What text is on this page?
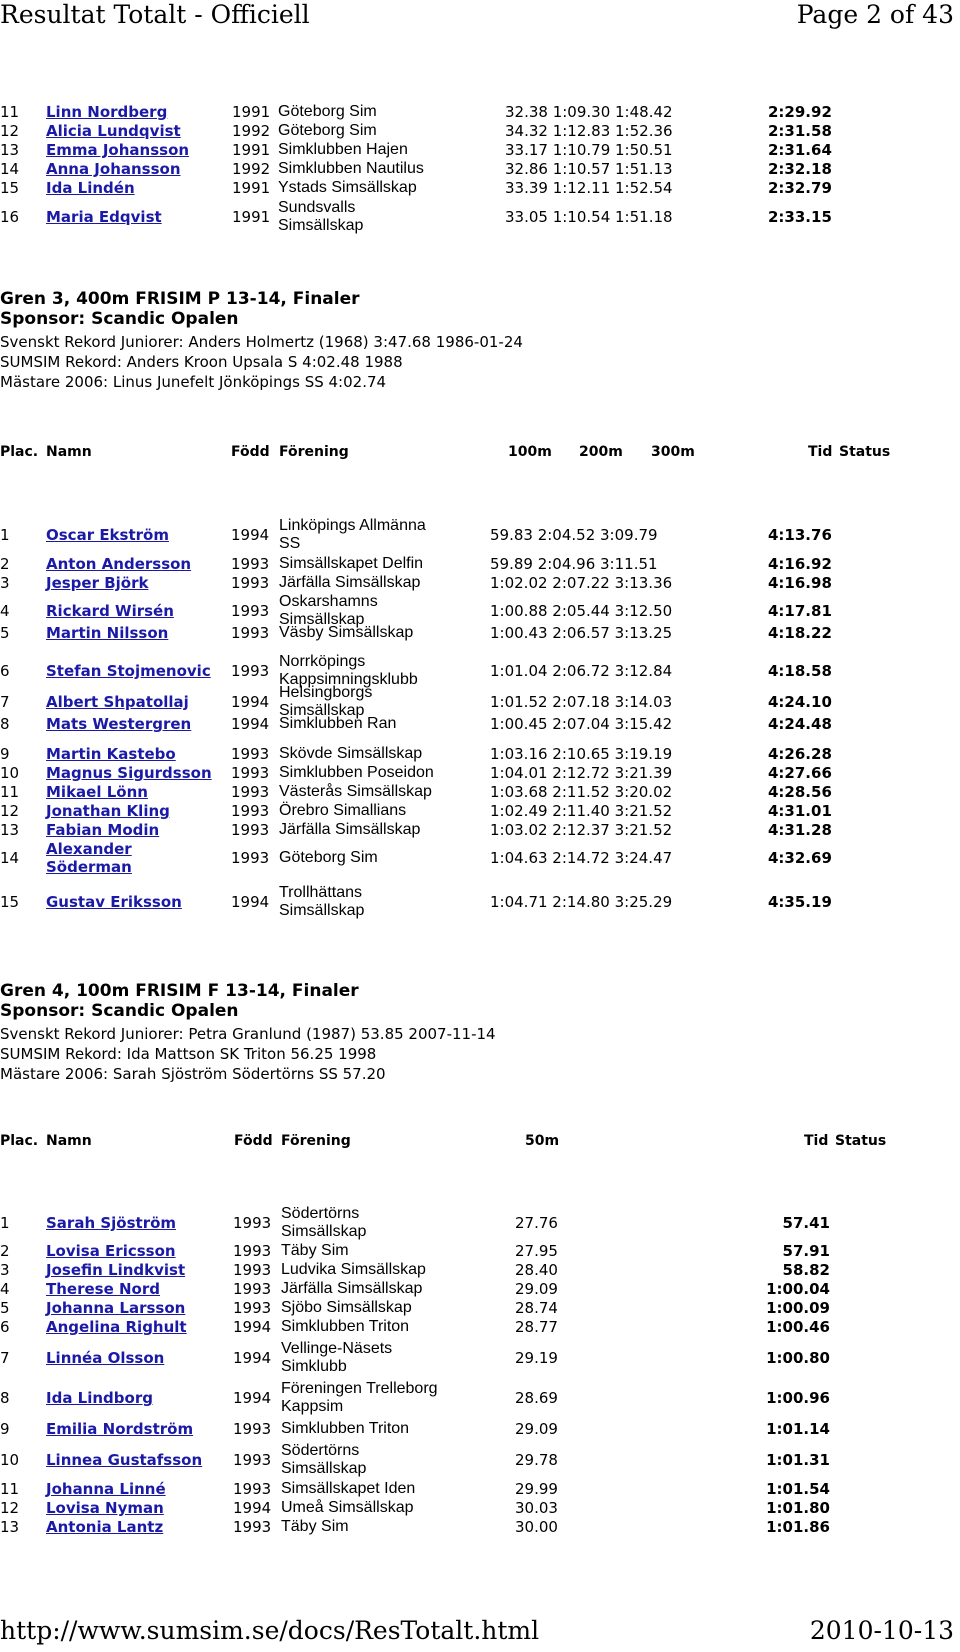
Resultat Totalt - Officiell	Page 2 of 43
11 Linn Nordberg	1991 Göteborg Sim	32.38 1:09.30 1:48.42	2:29.92
12 Alicia Lundqvist	1992 Göteborg Sim	34.32 1:12.83 1:52.36	2:31.58
13 Emma Johansson	1991 Simklubben Hajen	33.17 1:10.79 1:50.51	2:31.64
14 Anna Johansson	1992 Simklubben Nautilus	32.86 1:10.57 1:51.13	2:32.18
15 Ida Lindén	1991 Ystads Simsällskap	33.39 1:12.11 1:52.54	2:32.79
16 Maria Edqvist	1991
Sundsvalls
Simsällskap	33.05 1:10.54 1:51.18	2:33.15
Gren 3, 400m FRISIM P 13-14, Finaler
Sponsor: Scandic Opalen
Svenskt Rekord Juniorer: Anders Holmertz (1968) 3:47.68 1986-01-24
SUMSIM Rekord: Anders Kroon Upsala S 4:02.48 1988
Mästare 2006: Linus Junefelt Jönköpings SS 4:02.74
Plac. Namn	Född Förening	100m 200m 300m	Tid Status
1 Oscar Ekström	1994
Linköpings Allmänna
SS	59.83 2:04.52 3:09.79	4:13.76
2 Anton Andersson	1993 Simsällskapet Delfin	59.89 2:04.96 3:11.51	4:16.92
3 Jesper Björk	1993 Järfälla Simsällskap	1:02.02 2:07.22 3:13.36	4:16.98
4 Rickard Wirsén	1993
Oskarshamns
Simsällskap	1:00.88 2:05.44 3:12.50	4:17.81
5 Martin Nilsson	1993 Väsby Simsällskap	1:00.43 2:06.57 3:13.25	4:18.22
6 Stefan Stojmenovic 1993
Norrköpings
Kappsimningsklubb	1:01.04 2:06.72 3:12.84	4:18.58
7 Albert Shpatollaj	1994
Helsingborgs
Simsällskap	1:01.52 2:07.18 3:14.03	4:24.10
8 Mats Westergren	1994 Simklubben Ran	1:00.45 2:07.04 3:15.42	4:24.48
9 Martin Kastebo	1993 Skövde Simsällskap	1:03.16 2:10.65 3:19.19	4:26.28
10 Magnus Sigurdsson 1993 Simklubben Poseidon	1:04.01 2:12.72 3:21.39	4:27.66
11 Mikael Lönn	1993 Västerås Simsällskap	1:03.68 2:11.52 3:20.02	4:28.56
12 Jonathan Kling	1993 Örebro Simallians	1:02.49 2:11.40 3:21.52	4:31.01
13 Fabian Modin	1993 Järfälla Simsällskap	1:03.02 2:12.37 3:21.52	4:31.28
14 Alexander
Söderman	1993 Göteborg Sim	1:04.63 2:14.72 3:24.47	4:32.69
15 Gustav Eriksson	1994
Trollhättans
Simsällskap	1:04.71 2:14.80 3:25.29	4:35.19
Gren 4, 100m FRISIM F 13-14, Finaler
Sponsor: Scandic Opalen
Svenskt Rekord Juniorer: Petra Granlund (1987) 53.85 2007-11-14
SUMSIM Rekord: Ida Mattson SK Triton 56.25 1998
Mästare 2006: Sarah Sjöström Södertörns SS 57.20
Plac. Namn	Född Förening	50m	Tid Status
1 Sarah Sjöström	1993
Södertörns
Simsällskap	27.76	57.41
2 Lovisa Ericsson	1993 Täby Sim	27.95	57.91
3 Josefin Lindkvist	1993 Ludvika Simsällskap	28.40	58.82
4 Therese Nord	1993 Järfälla Simsällskap	29.09	1:00.04
5 Johanna Larsson	1993 Sjöbo Simsällskap	28.74	1:00.09
6 Angelina Righult	1994 Simklubben Triton	28.77	1:00.46
7 Linnéa Olsson	1994
Vellinge-Näsets
Simklubb	29.19	1:00.80
8 Ida Lindborg	1994
Föreningen Trelleborg
Kappsim	28.69	1:00.96
9 Emilia Nordström	1993 Simklubben Triton	29.09	1:01.14
10 Linnea Gustafsson 1993
Södertörns
Simsällskap	29.78	1:01.31
11 Johanna Linné	1993 Simsällskapet Iden	29.99	1:01.54
12 Lovisa Nyman	1994 Umeå Simsällskap	30.03	1:01.80
13 Antonia Lantz	1993 Täby Sim	30.00	1:01.86
http://www.sumsim.se/docs/ResTotalt.html	2010-10-13
